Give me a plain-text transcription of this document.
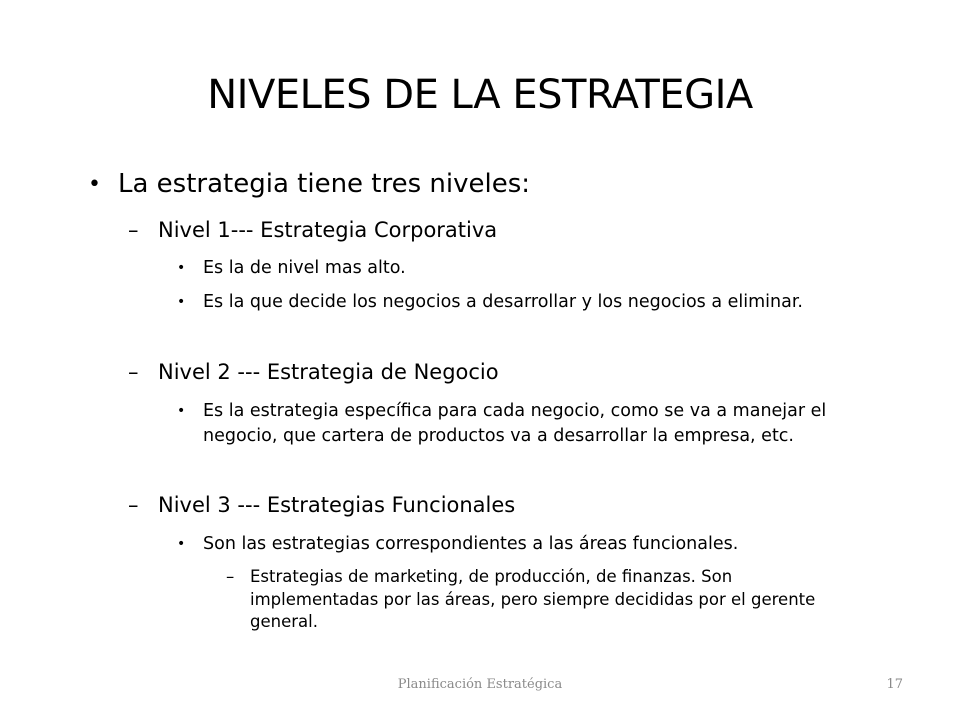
NIVELES DE LA ESTRATEGIA
• La estrategia tiene tres niveles:
– Nivel 1--- Estrategia Corporativa
• Es la de nivel mas alto.
• Es la que decide los negocios a desarrollar y los negocios a eliminar.
– Nivel 2 --- Estrategia de Negocio
• Es la estrategia específica para cada negocio, como se va a manejar el negocio, que cartera de productos va a desarrollar la empresa, etc.
– Nivel 3 --- Estrategias Funcionales
• Son las estrategias correspondientes a las áreas funcionales.
– Estrategias de marketing, de producción, de finanzas. Son implementadas por las áreas, pero siempre decididas por el gerente general.
Planificación Estratégica	17
